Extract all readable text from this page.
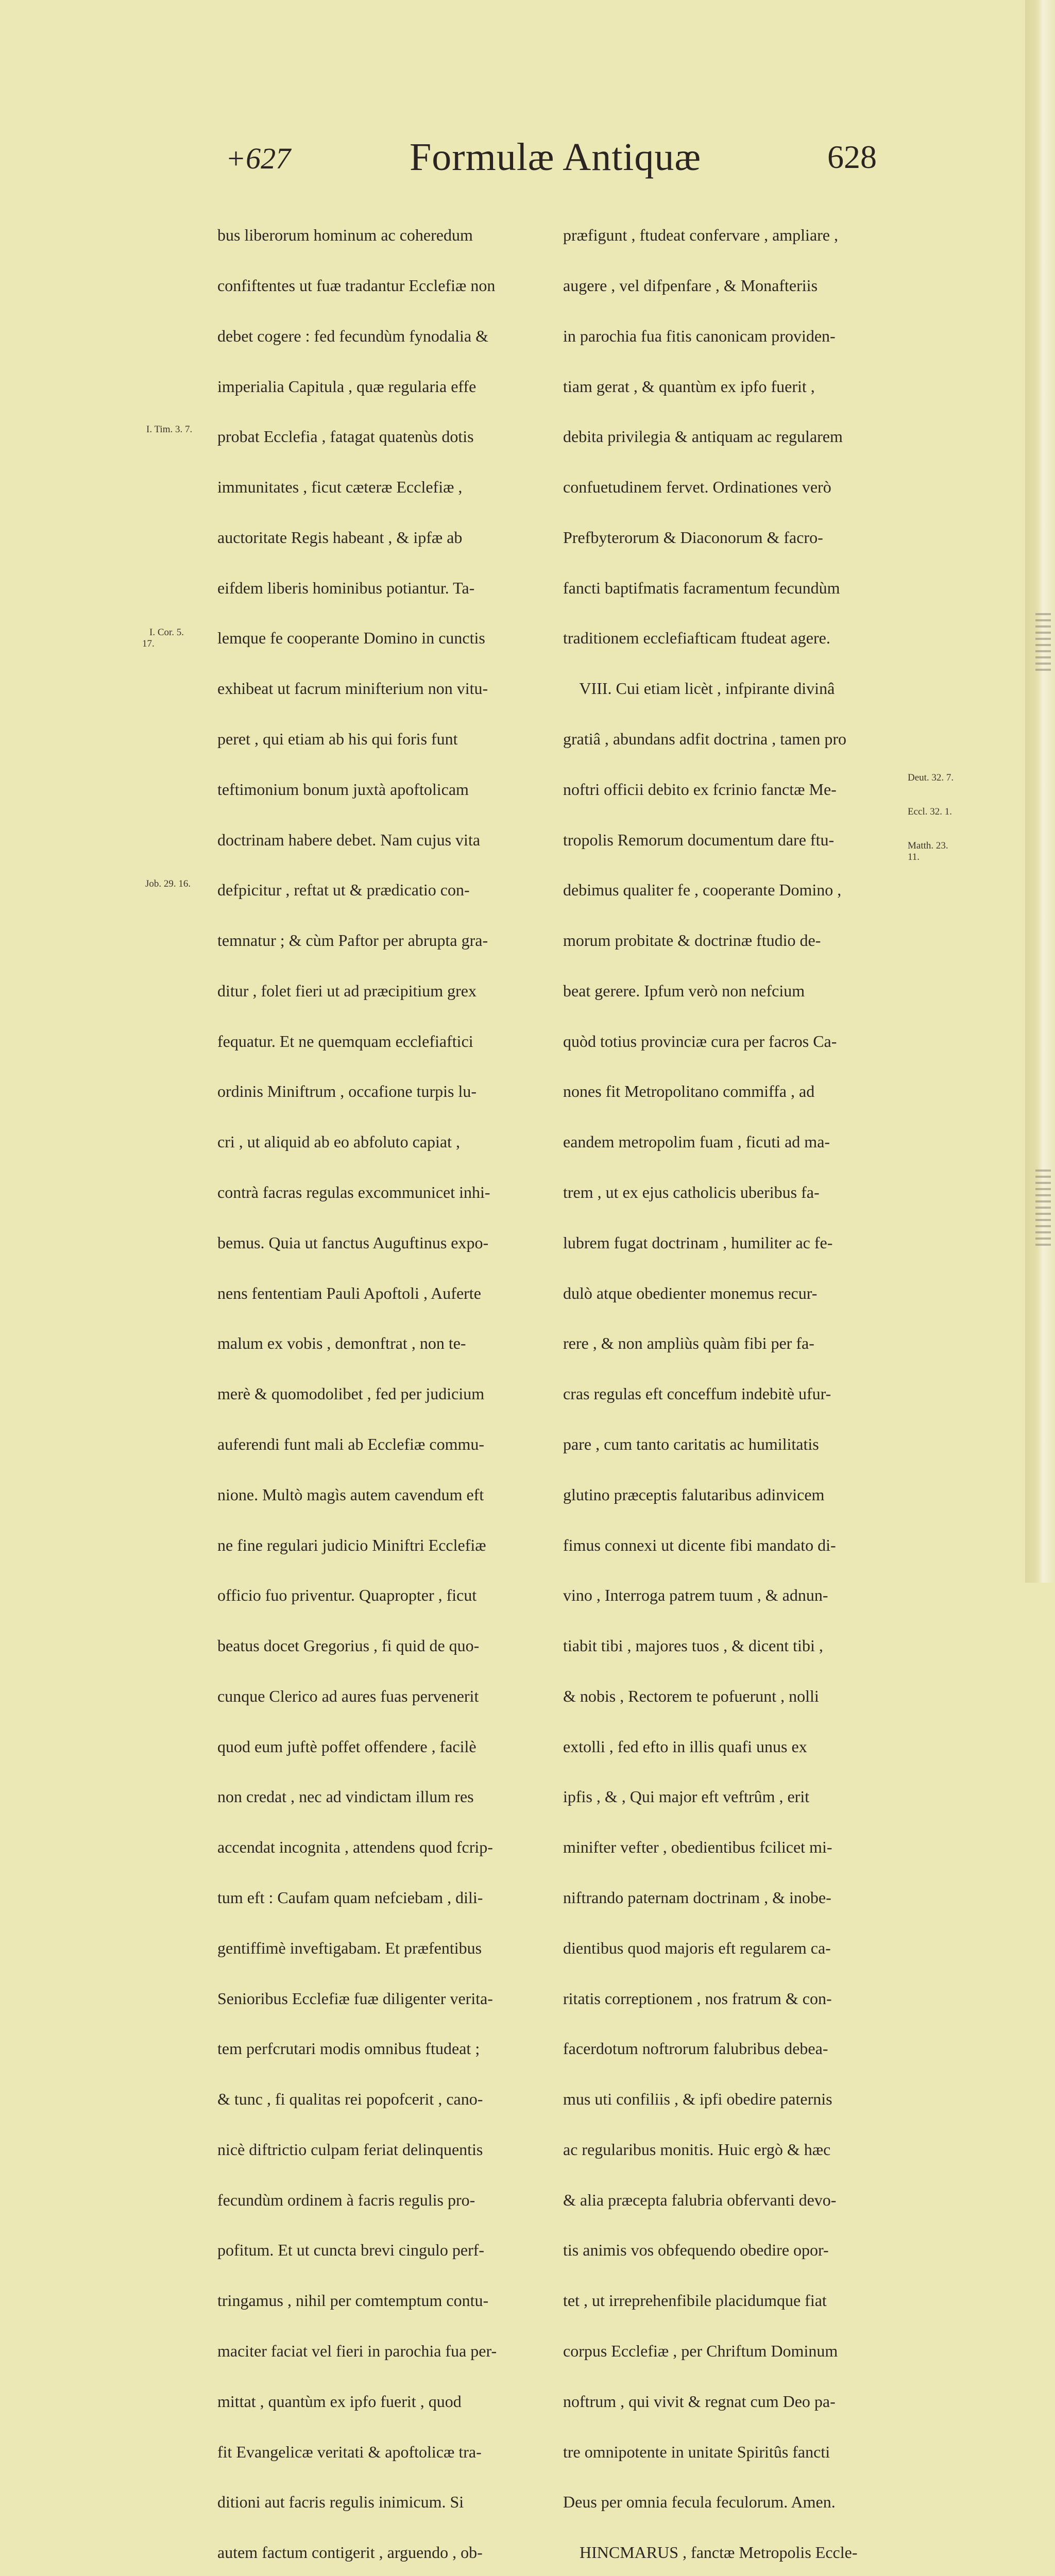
+627	Formulæ Antiquæ	628

bus liberorum hominum ac coheredum

confiftentes ut fuæ tradantur Ecclefiæ non

debet cogere : fed fecundùm fynodalia &

imperialia Capitula , quæ regularia effe

probat Ecclefia , fatagat quatenùs dotis

immunitates , ficut cæteræ Ecclefiæ ,

auctoritate Regis habeant , & ipfæ ab

eifdem liberis hominibus potiantur. Ta-

lemque fe cooperante Domino in cunctis

exhibeat ut facrum minifterium non vitu-

peret , qui etiam ab his qui foris funt

teftimonium bonum juxtà apoftolicam

doctrinam habere debet. Nam cujus vita

defpicitur , reftat ut & prædicatio con-

temnatur ; & cùm Paftor per abrupta gra-

ditur , folet fieri ut ad præcipitium grex

fequatur. Et ne quemquam ecclefiaftici

ordinis Miniftrum , occafione turpis lu-

cri , ut aliquid ab eo abfoluto capiat ,

contrà facras regulas excommunicet inhi-

bemus. Quia ut fanctus Auguftinus expo-

nens fententiam Pauli Apoftoli , Auferte

malum ex vobis , demonftrat , non te-

merè & quomodolibet , fed per judicium

auferendi funt mali ab Ecclefiæ commu-

nione. Multò magìs autem cavendum eft

ne fine regulari judicio Miniftri Ecclefiæ

officio fuo priventur. Quapropter , ficut

beatus docet Gregorius , fi quid de quo-

cunque Clerico ad aures fuas pervenerit

quod eum juftè poffet offendere , facilè

non credat , nec ad vindictam illum res

accendat incognita , attendens quod fcrip-

tum eft : Caufam quam nefciebam , dili-

gentiffimè inveftigabam. Et præfentibus

Senioribus Ecclefiæ fuæ diligenter verita-

tem perfcrutari modis omnibus ftudeat ;

& tunc , fi qualitas rei popofcerit , cano-

nicè diftrictio culpam feriat delinquentis

fecundùm ordinem à facris regulis pro-

pofitum. Et ut cuncta brevi cingulo perf-

tringamus , nihil per comtemptum contu-

maciter faciat vel fieri in parochia fua per-

mittat , quantùm ex ipfo fuerit , quod

fit Evangelicæ veritati & apoftolicæ tra-

ditioni aut facris regulis inimicum. Si

autem factum contigerit , arguendo , ob-

præfigunt , ftudeat confervare , ampliare ,

augere , vel difpenfare , & Monafteriis

in parochia fua fitis canonicam providen-

tiam gerat , & quantùm ex ipfo fuerit ,

debita privilegia & antiquam ac regularem

confuetudinem fervet. Ordinationes verò

Prefbyterorum & Diaconorum & facro-

fancti baptifmatis facramentum fecundùm

traditionem ecclefiafticam ftudeat agere.

VIII. Cui etiam licèt , infpirante divinâ

gratiâ , abundans adfit doctrina , tamen pro

noftri officii debito ex fcrinio fanctæ Me-

tropolis Remorum documentum dare ftu-

debimus qualiter fe , cooperante Domino ,

morum probitate & doctrinæ ftudio de-

beat gerere. Ipfum verò non nefcium

quòd totius provinciæ cura per facros Ca-

nones fit Metropolitano commiffa , ad

eandem metropolim fuam , ficuti ad ma-

trem , ut ex ejus catholicis uberibus fa-

lubrem fugat doctrinam , humiliter ac fe-

dulò atque obedienter monemus recur-

rere , & non ampliùs quàm fibi per fa-

cras regulas eft conceffum indebitè ufur-

pare , cum tanto caritatis ac humilitatis

glutino præceptis falutaribus adinvicem

fimus connexi ut dicente fibi mandato di-

vino , Interroga patrem tuum , & adnun-

tiabit tibi , majores tuos , & dicent tibi ,

& nobis , Rectorem te pofuerunt , nolli

extolli , fed efto in illis quafi unus ex

ipfis , & , Qui major eft veftrûm , erit

minifter vefter , obedientibus fcilicet mi-

niftrando paternam doctrinam , & inobe-

dientibus quod majoris eft regularem ca-

ritatis correptionem , nos fratrum & con-

facerdotum noftrorum falubribus debea-

mus uti confiliis , & ipfi obedire paternis

ac regularibus monitis. Huic ergò & hæc

& alia præcepta falubria obfervanti devo-

tis animis vos obfequendo obedire opor-

tet , ut irreprehenfibile placidumque fiat

corpus Ecclefiæ , per Chriftum Dominum

noftrum , qui vivit & regnat cum Deo pa-

tre omnipotente in unitate Spiritûs fancti

Deus per omnia fecula feculorum. Amen.

HINCMARUS , fanctæ Metropolis Eccle-

I. Tim. 3. 7.
I. Cor. 5.
17.
Job. 29. 16.
Deut. 32. 7.
Eccl. 32. 1.
Matth. 23.
11.
